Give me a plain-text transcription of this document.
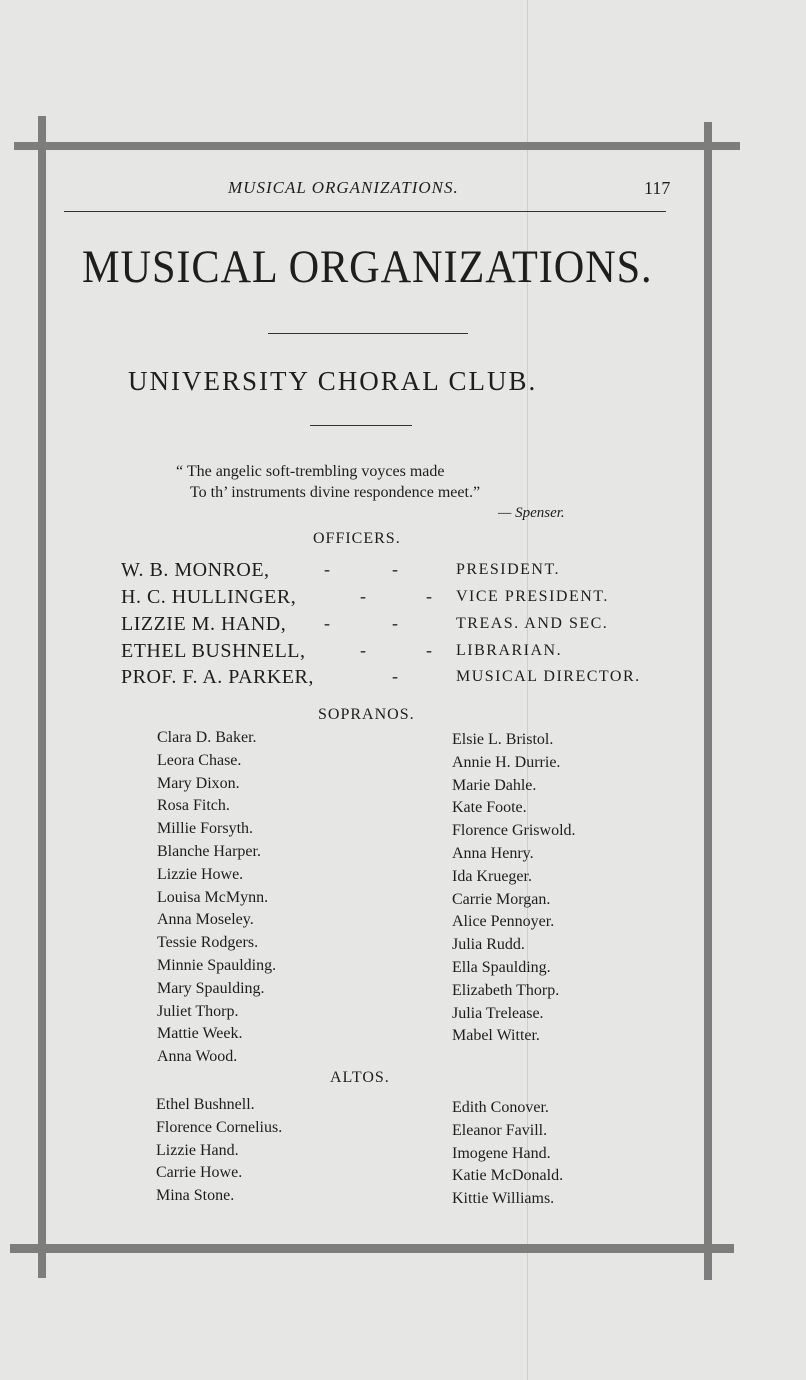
MUSICAL ORGANIZATIONS.	117
MUSICAL ORGANIZATIONS.
UNIVERSITY CHORAL CLUB.
“ The angelic soft-trembling voyces made
To th’ instruments divine respondence meet.”
— Spenser.
OFFICERS.
W. B. MONROE,	-	-	PRESIDENT.
H. C. HULLINGER,	-	- VICE PRESIDENT.
LIZZIE M. HAND, -	-	TREAS. AND SEC.
ETHEL BUSHNELL,	-	- LIBRARIAN.
PROF. F. A. PARKER,	-	MUSICAL DIRECTOR.
SOPRANOS.
Clara D. Baker.
Leora Chase.
Mary Dixon.
Rosa Fitch.
Millie Forsyth.
Blanche Harper.
Lizzie Howe.
Louisa McMynn.
Anna Moseley.
Tessie Rodgers.
Minnie Spaulding.
Mary Spaulding.
Juliet Thorp.
Mattie Week.
Anna Wood.
Elsie L. Bristol.
Annie H. Durrie.
Marie Dahle.
Kate Foote.
Florence Griswold.
Anna Henry.
Ida Krueger.
Carrie Morgan.
Alice Pennoyer.
Julia Rudd.
Ella Spaulding.
Elizabeth Thorp.
Julia Trelease.
Mabel Witter.
ALTOS.
Ethel Bushnell.
Florence Cornelius.
Lizzie Hand.
Carrie Howe.
Mina Stone.
Edith Conover.
Eleanor Favill.
Imogene Hand.
Katie McDonald.
Kittie Williams.
